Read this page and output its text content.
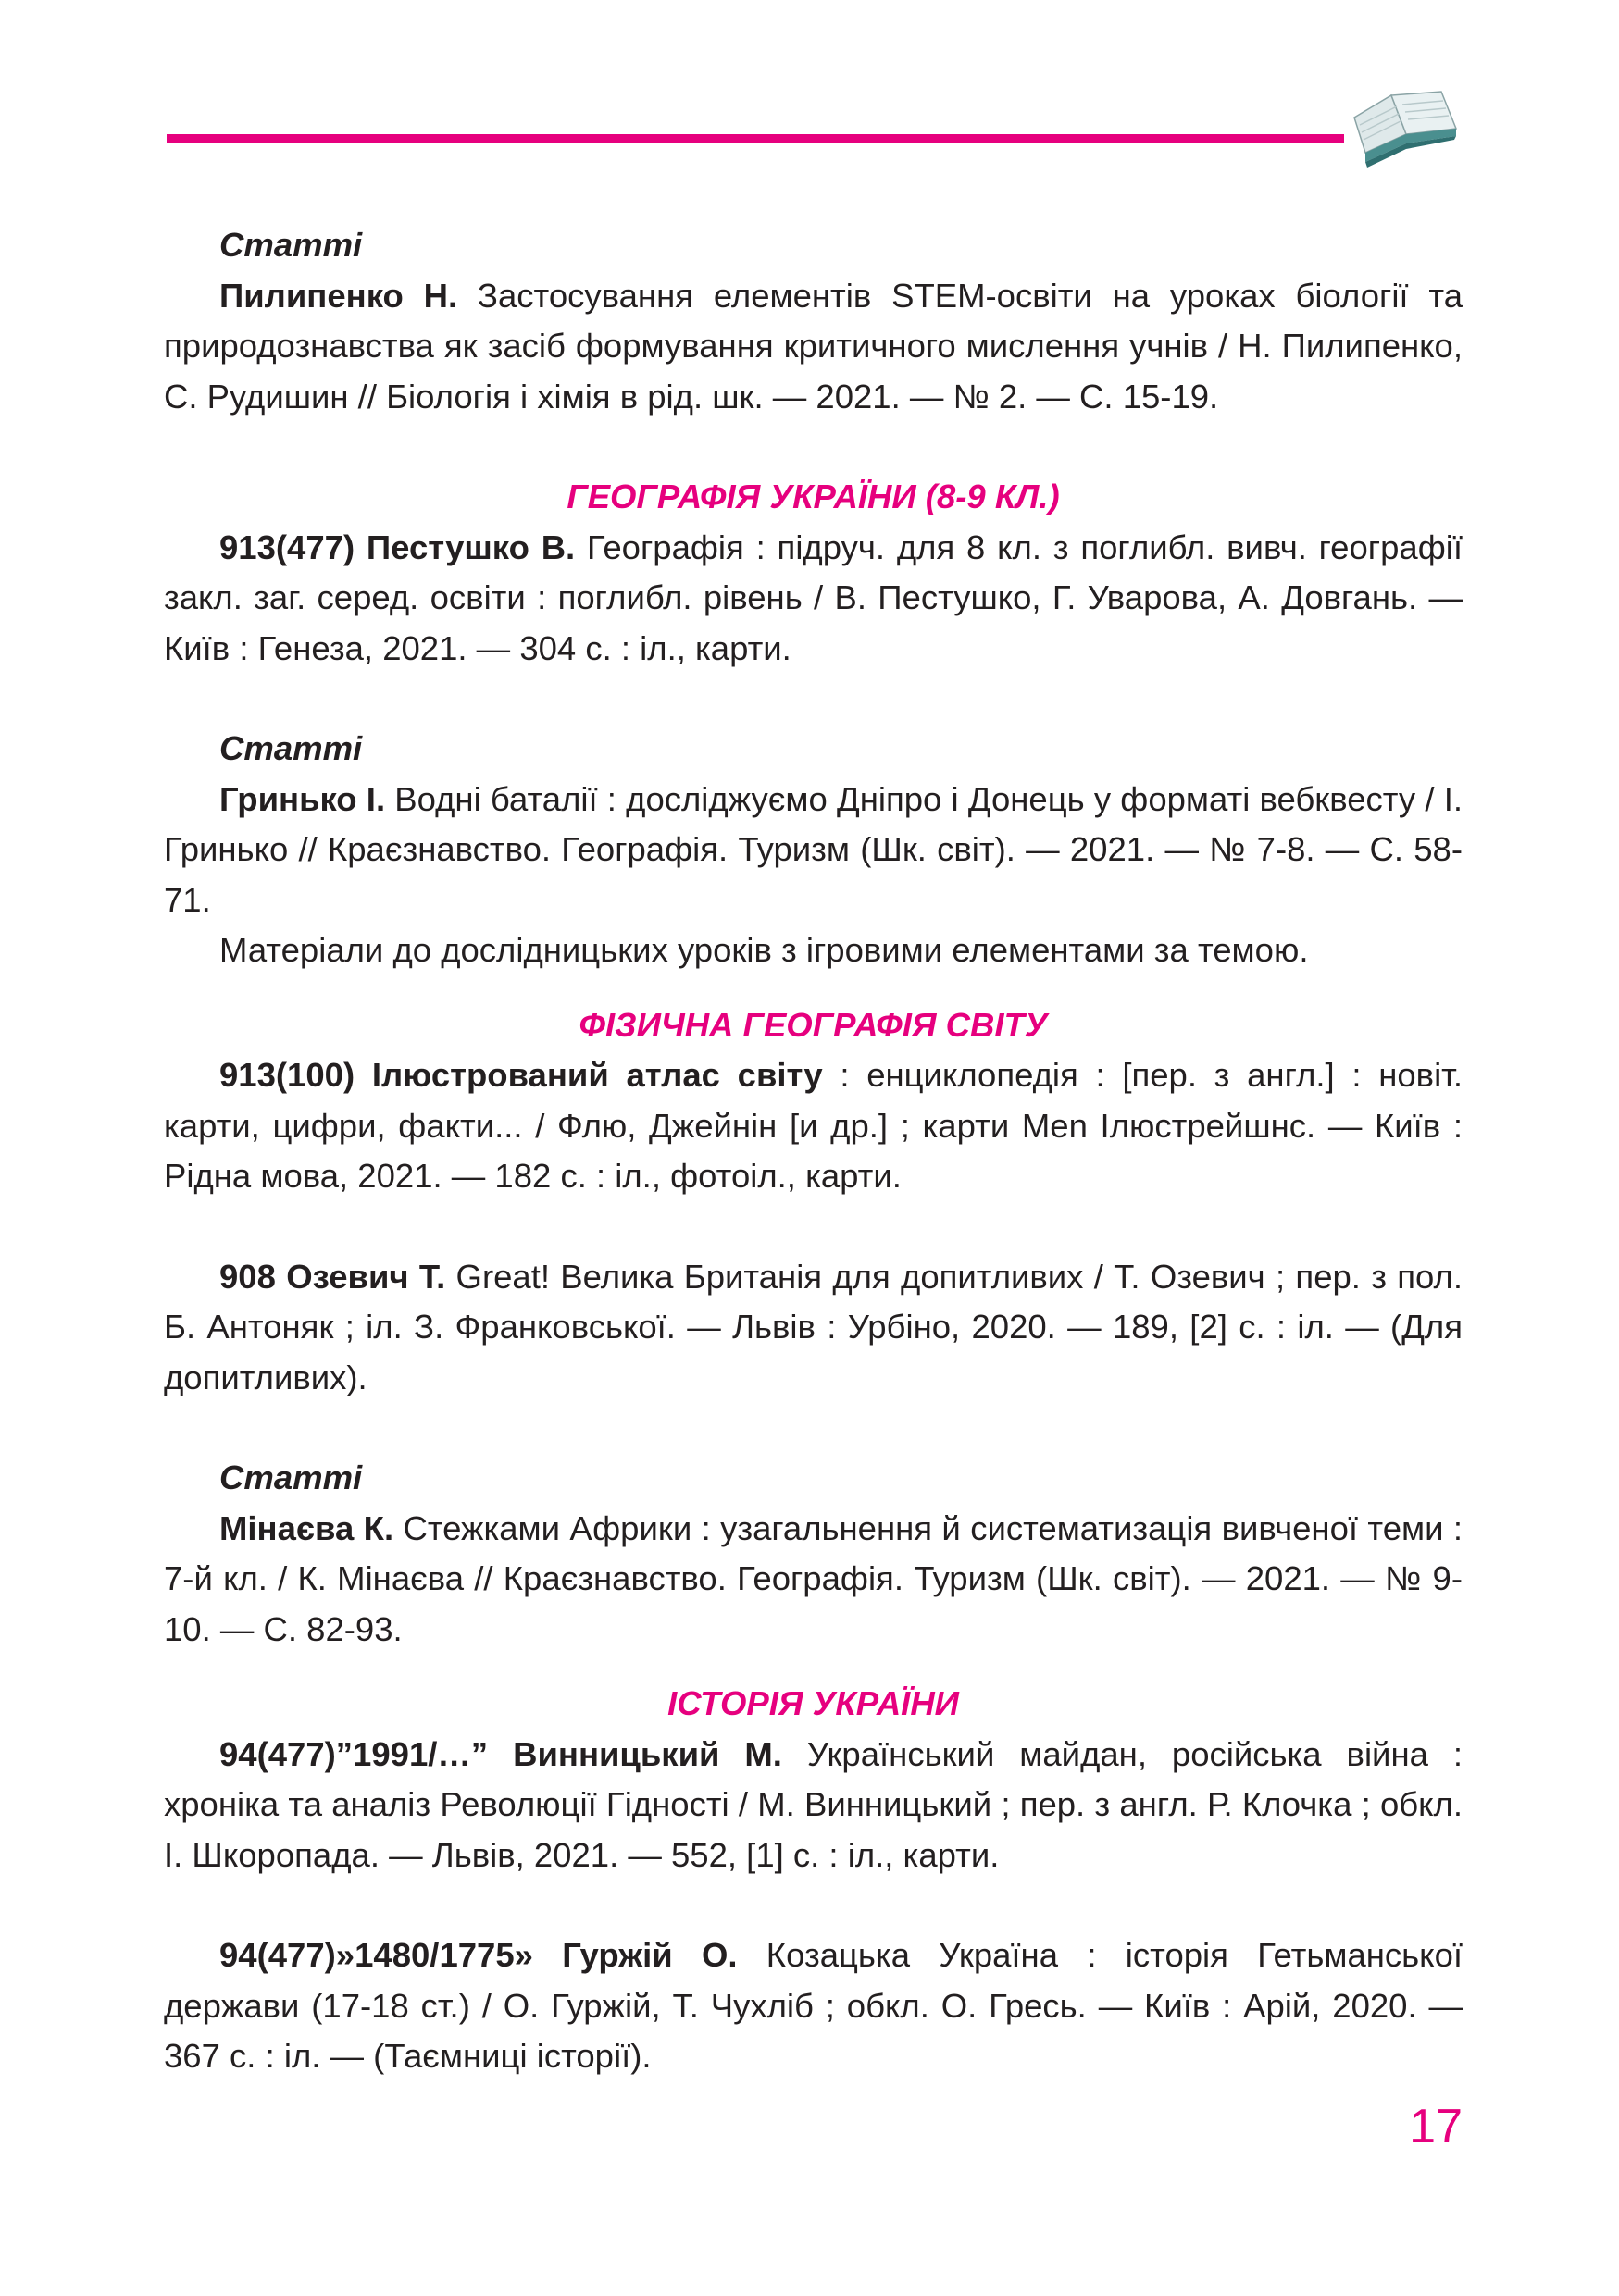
Статті

Пилипенко Н. Застосування елементів STEM-освіти на уроках біології та природознавства як засіб формування критичного мислення учнів / Н. Пилипенко, С. Рудишин // Біологія і хімія в рід. шк. — 2021. — № 2. — С. 15-19.

ГЕОГРАФІЯ УКРАЇНИ (8-9 КЛ.)

913(477) Пестушко В. Географія : підруч. для 8 кл. з поглибл. вивч. географії закл. заг. серед. освіти : поглибл. рівень / В. Пестушко, Г. Уварова, А. Довгань. — Київ : Генеза, 2021. — 304 с. : іл., карти.

Статті

Гринько І. Водні баталії : досліджуємо Дніпро і Донець у форматі вебквесту / І. Гринько // Краєзнавство. Географія. Туризм (Шк. світ). — 2021. — № 7-8. — С. 58-71.

Матеріали до дослідницьких уроків з ігровими елементами за темою.

ФІЗИЧНА ГЕОГРАФІЯ СВІТУ

913(100) Ілюстрований атлас світу : енциклопедія : [пер. з англ.] : новіт. карти, цифри, факти... / Флю, Джейнін [и др.] ; карти Men Ілюстрейшнс. — Київ : Рідна мова, 2021. — 182 с. : іл., фотоіл., карти.

908 Озевич Т. Great! Велика Британія для допитливих / Т. Озевич ; пер. з пол. Б. Антоняк ; іл. З. Франковської. — Львів : Урбіно, 2020. — 189, [2] с. : іл. — (Для допитливих).

Статті

Мінаєва К. Стежками Африки : узагальнення й систематизація вивченої теми : 7-й кл. / К. Мінаєва // Краєзнавство. Географія. Туризм (Шк. світ). — 2021. — № 9-10. — С. 82-93.

ІСТОРІЯ УКРАЇНИ

94(477)”1991/…” Винницький М. Український майдан, російська війна : хроніка та аналіз Революції Гідності / М. Винницький ; пер. з англ. Р. Клочка ; обкл. І. Шкоропада. — Львів, 2021. — 552, [1] с. : іл., карти.

94(477)»1480/1775» Гуржій О. Козацька Україна : історія Гетьманської держави (17-18 ст.) / О. Гуржій, Т. Чухліб ; обкл. О. Гресь. — Київ : Арій, 2020. — 367 с. : іл. — (Таємниці історії).

17
